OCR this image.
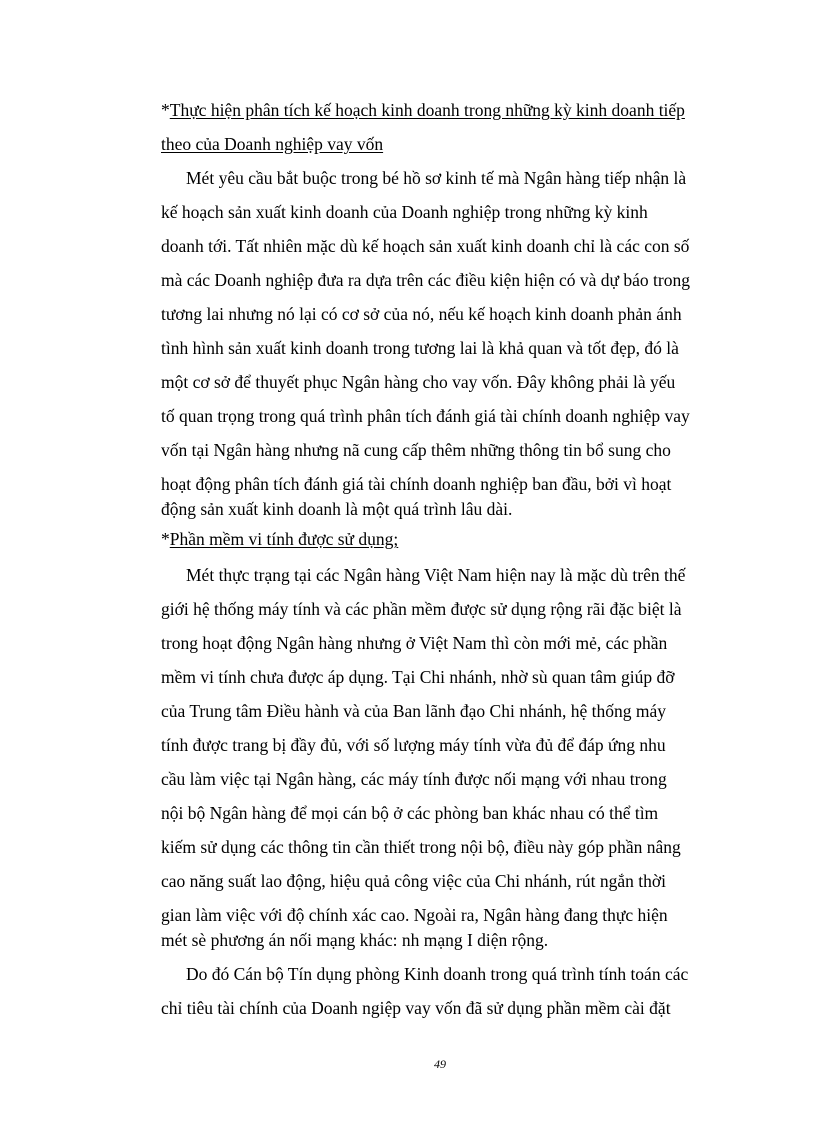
*Thực hiện phân tích kế hoạch kinh doanh trong những kỳ kinh doanh tiếp
theo của Doanh nghiệp vay vốn
Mét yêu cầu bắt buộc trong bé hồ sơ kinh tế mà Ngân hàng tiếp nhận là
kế hoạch sản xuất kinh doanh của Doanh nghiệp trong những kỳ kinh
doanh tới. Tất nhiên mặc dù kế hoạch sản xuất kinh doanh chỉ là các con số
mà các Doanh nghiệp đưa ra dựa trên các điều kiện hiện có và dự báo trong
tương lai nhưng nó lại có cơ sở của nó, nếu kế hoạch kinh doanh phản ánh
tình hình sản xuất kinh doanh trong tương lai là khả quan và tốt đẹp, đó là
một cơ sở để thuyết phục Ngân hàng cho vay vốn. Đây không phải là yếu
tố quan trọng trong quá trình phân tích đánh giá tài chính doanh nghiệp vay
vốn tại Ngân hàng nhưng nã cung cấp thêm những thông tin bổ sung cho
hoạt động phân tích đánh giá tài chính doanh nghiệp ban đầu, bởi vì hoạt
động sản xuất kinh doanh là một quá trình lâu dài.
*Phần mềm vi tính được sử dụng;
Mét thực trạng tại các Ngân hàng Việt Nam hiện nay là mặc dù trên thế
giới hệ thống máy tính và các phần mềm được sử dụng rộng rãi đặc biệt là
trong hoạt động Ngân hàng nhưng ở Việt Nam thì còn mới mẻ, các phần
mềm vi tính chưa được áp dụng. Tại Chi nhánh, nhờ sù quan tâm giúp đỡ
của Trung tâm Điều hành và của Ban lãnh đạo Chi nhánh, hệ thống máy
tính được trang bị đầy đủ, với số lượng máy tính vừa đủ để đáp ứng nhu
cầu làm việc tại Ngân hàng, các máy tính được nối mạng với nhau trong
nội bộ Ngân hàng để mọi cán bộ ở các phòng ban khác nhau có thể tìm
kiếm sử dụng các thông tin cần thiết trong nội bộ, điều này góp phần nâng
cao năng suất lao động, hiệu quả công việc của Chi nhánh, rút ngắn thời
gian làm việc với độ chính xác cao. Ngoài ra, Ngân hàng đang thực hiện
mét sè phương án nối mạng khác: nh mạng I diện rộng.
Do đó Cán bộ Tín dụng phòng Kinh doanh trong quá trình tính toán các
chỉ tiêu tài chính của Doanh ngiệp vay vốn đã sử dụng phần mềm cài đặt
49
